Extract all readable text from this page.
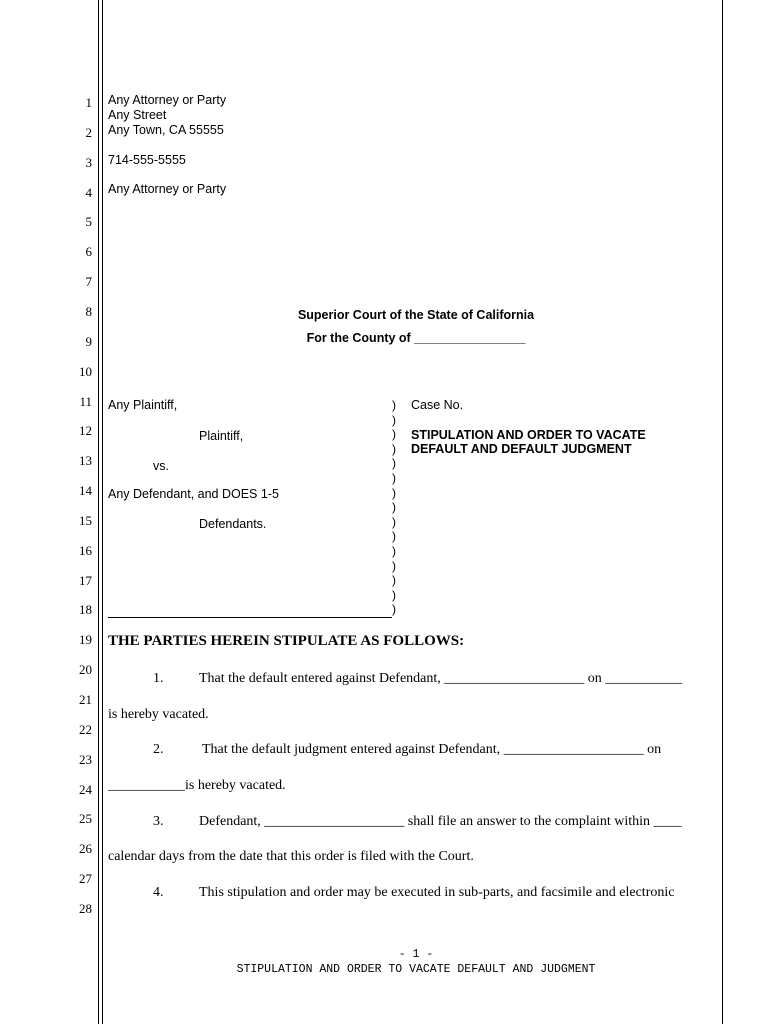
1
2
3
4
5
6
7
8
9
10
11
12
13
14
15
16
17
18
19
20
21
22
23
24
25
26
27
28
Any Attorney or Party
Any Street
Any Town, CA 55555
714-555-5555
Any Attorney or Party
Superior Court of the State of California
For the County of ________________
Any Plaintiff,
Plaintiff,
vs.
Any Defendant, and DOES 1-5
Defendants.
)
)
)
)
)
)
)
)
)
)
)
)
)
)
)
Case No.
STIPULATION AND ORDER TO VACATE
DEFAULT AND DEFAULT JUDGMENT
THE PARTIES HEREIN STIPULATE AS FOLLOWS:
1.	That the default entered against Defendant, ____________________ on ___________
is hereby vacated.
2.	That the default judgment entered against Defendant, ____________________ on
___________is hereby vacated.
3.	Defendant, ____________________ shall file an answer to the complaint within ____
calendar days from the date that this order is filed with the Court.
4.	This stipulation and order may be executed in sub-parts, and facsimile and electronic
- 1 -
STIPULATION AND ORDER TO VACATE DEFAULT AND JUDGMENT
